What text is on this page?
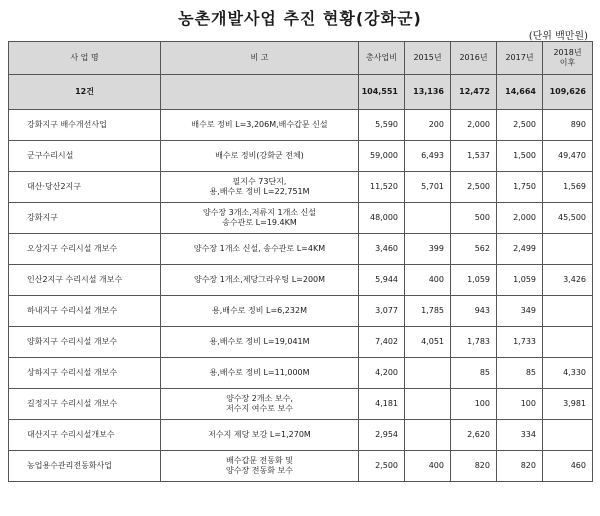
농촌개발사업 추진 현황(강화군)
(단위 백만원)
사 업 명	비 고	총사업비	2015년	2016년	2017년	2018년
이후
12건		104,551	13,136	12,472	14,664	109,626
강화지구 배수개선사업	배수로 정비 L=3,206M,배수갑문 신설	5,590	200	2,000	2,500	890
군구수리시설	배수로 정비(강화군 전체)	59,000	6,493	1,537	1,500	49,470
대산·당산2지구	필지수 73단지,
용,배수로 정비 L=22,751M	11,520	5,701	2,500	1,750	1,569
강화지구	양수장 3개소,저류지 1개소 신설
송수관로 L=19.4KM	48,000		500	2,000	45,500
오상지구 수리시설 개보수	양수장 1개소 신설, 송수관로 L=4KM	3,460	399	562	2,499	
인산2지구 수리시설 개보수	양수장 1개소,제당그라우팅 L=200M	5,944	400	1,059	1,059	3,426
하내지구 수리시설 개보수	용,배수로 정비 L=6,232M	3,077	1,785	943	349	
양화지구 수리시설 개보수	용,배수로 정비 L=19,041M	7,402	4,051	1,783	1,733	
상하지구 수리시설 개보수	용,배수로 정비 L=11,000M	4,200		85	85	4,330
길정지구 수리시설 개보수	양수장 2개소 보수,
저수지 여수로 보수	4,181		100	100	3,981
대산지구 수리시설개보수	저수지 제당 보강 L=1,270M	2,954		2,620	334	
농업용수관리전동화사업	배수갑문 전동화 및
양수장 전동화 보수	2,500	400	820	820	460
